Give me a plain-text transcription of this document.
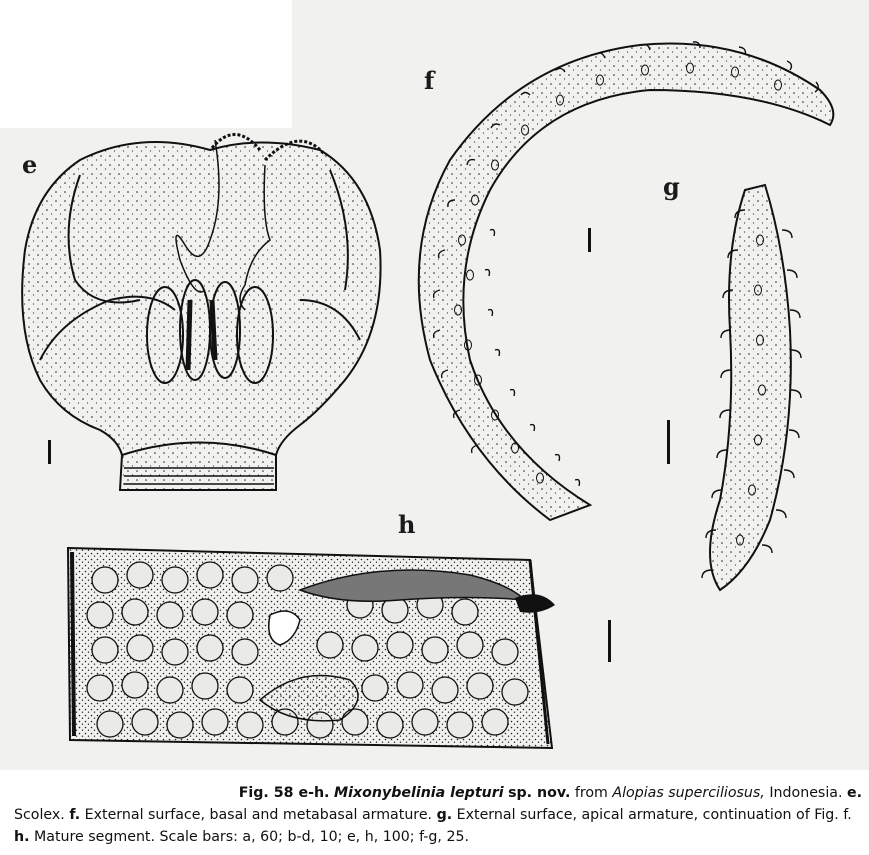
e
f
g
h
Fig. 58 e-h. Mixonybelinia lepturi sp. nov. from Alopias superciliosus, Indonesia. e.
Scolex. f. External surface, basal and metabasal armature. g. External surface, apical armature, continuation of Fig. f.
h. Mature segment. Scale bars: a, 60; b-d, 10; e, h, 100; f-g, 25.
